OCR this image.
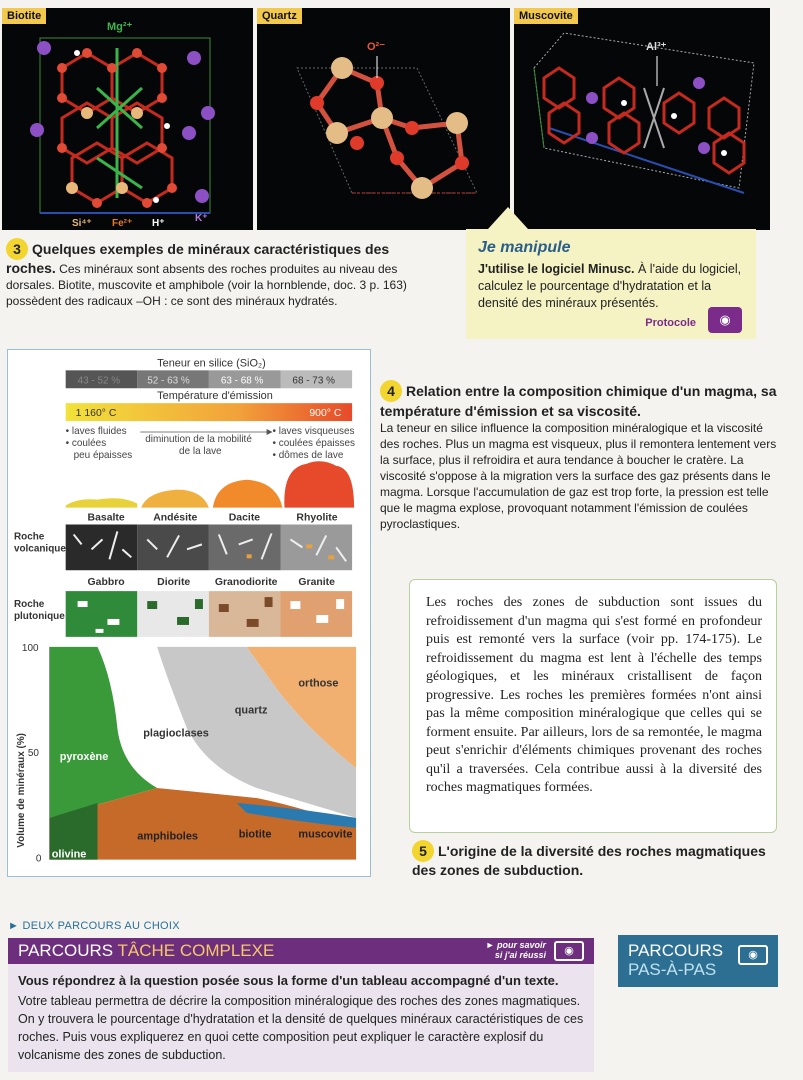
Mg²⁺
Si⁴⁺ Fe²⁺ H⁺	K⁺
Biotite
O²⁻
Quartz
Al³⁺
Muscovite
3 Quelques exemples de minéraux caractéristiques des roches. Ces minéraux sont absents des roches produites au niveau des dorsales. Biotite, muscovite et amphibole (voir la hornblende, doc. 3 p. 163) possèdent des radicaux –OH : ce sont des minéraux hydratés.
Je manipule
J'utilise le logiciel Minusc. À l'aide du logiciel, calculez le pourcentage d'hydratation et la densité des minéraux présentés.
Protocole	◉
Teneur en silice (SiO₂)
43 - 52 %	52 - 63 %	63 - 68 %	68 - 73 %
Température d'émission
1 160° C	900° C
• laves fluides
• coulées
peu épaisses
diminution de la mobilité
de la lave
• laves visqueuses
• coulées épaisses
• dômes de lave
Roche
volcanique
Basalte	Andésite	Dacite	Rhyolite
Roche
plutonique
Gabbro	Diorite Granodiorite Granite
Volume de minéraux (%)
100
50
0
orthose
quartz
plagioclases
pyroxène
amphiboles	biotite muscovite
olivine
4 Relation entre la composition chimique d'un magma, sa température d'émission et sa viscosité.
La teneur en silice influence la composition minéralogique et la viscosité des roches. Plus un magma est visqueux, plus il remontera lentement vers la surface, plus il refroidira et aura tendance à boucher le cratère. La viscosité s'oppose à la migration vers la surface des gaz présents dans le magma. Lorsque l'accumulation de gaz est trop forte, la pression est telle que le magma explose, provoquant notamment l'émission de coulées pyroclastiques.
Les roches des zones de subduction sont issues du refroidissement d'un magma qui s'est formé en profondeur puis est remonté vers la surface (voir pp. 174-175). Le refroidissement du magma est lent à l'échelle des temps géologiques, et les minéraux cristallisent de façon progressive. Les roches les premières formées n'ont ainsi pas la même composition minéralogique que celles qui se forment ensuite. Par ailleurs, lors de sa remontée, le magma peut s'enrichir d'éléments chimiques provenant des roches qu'il a traversées. Cela contribue aussi à la diversité des roches magmatiques formées.
5 L'origine de la diversité des roches magmatiques des zones de subduction.
► DEUX PARCOURS AU CHOIX
PARCOURS TÂCHE COMPLEXE	► pour savoir
si j'ai réussi	◉
Vous répondrez à la question posée sous la forme d'un tableau accompagné d'un texte.
Votre tableau permettra de décrire la composition minéralogique des roches des zones magmatiques. On y trouvera le pourcentage d'hydratation et la densité de quelques minéraux caractéristiques de ces roches. Puis vous expliquerez en quoi cette composition peut expliquer le caractère explosif du volcanisme des zones de subduction.
PARCOURS
PAS-À-PAS
◉
